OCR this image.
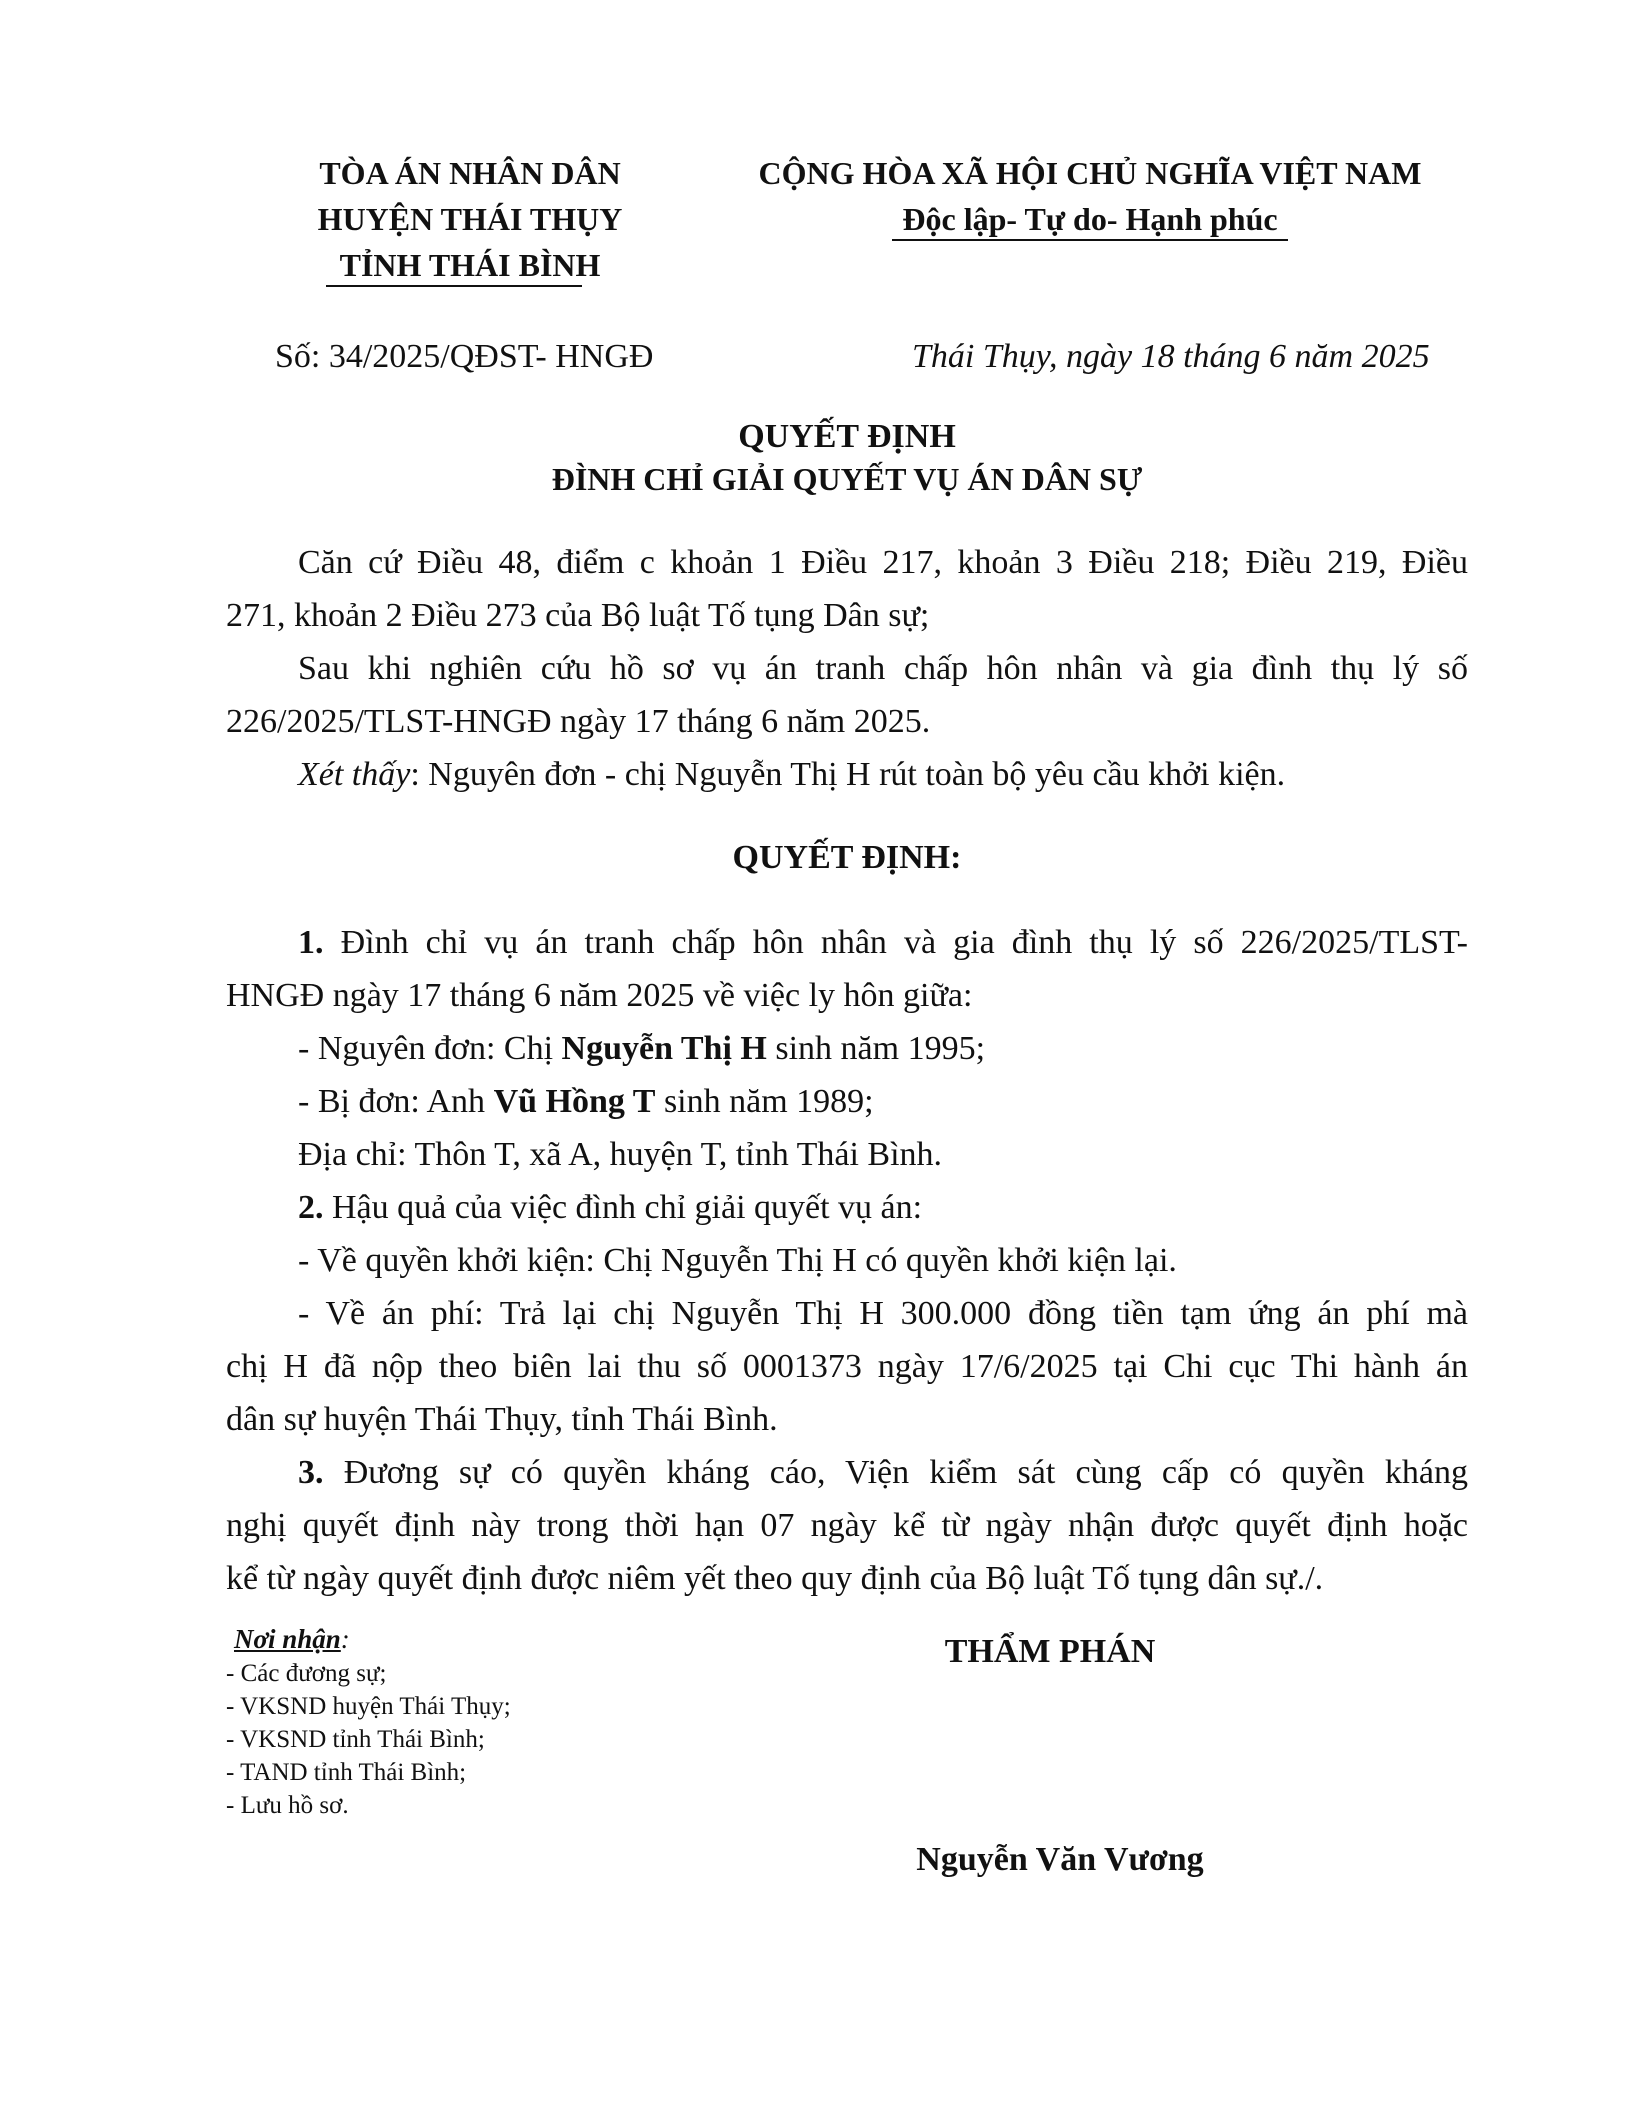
TÒA ÁN NHÂN DÂN
HUYỆN THÁI THỤY
TỈNH THÁI BÌNH
CỘNG HÒA XÃ HỘI CHỦ NGHĨA VIỆT NAM
Độc lập- Tự do- Hạnh phúc
Số: 34/2025/QĐST- HNGĐ	Thái Thụy, ngày 18 tháng 6 năm 2025
QUYẾT ĐỊNH
ĐÌNH CHỈ GIẢI QUYẾT VỤ ÁN DÂN SỰ
Căn cứ Điều 48, điểm c khoản 1 Điều 217, khoản 3 Điều 218; Điều 219, Điều
271, khoản 2 Điều 273 của Bộ luật Tố tụng Dân sự;
Sau khi nghiên cứu hồ sơ vụ án tranh chấp hôn nhân và gia đình thụ lý số
226/2025/TLST-HNGĐ ngày 17 tháng 6 năm 2025.
Xét thấy: Nguyên đơn - chị Nguyễn Thị H rút toàn bộ yêu cầu khởi kiện.
QUYẾT ĐỊNH:
1. Đình chỉ vụ án tranh chấp hôn nhân và gia đình thụ lý số 226/2025/TLST-
HNGĐ ngày 17 tháng 6 năm 2025 về việc ly hôn giữa:
- Nguyên đơn: Chị Nguyễn Thị H sinh năm 1995;
- Bị đơn: Anh Vũ Hồng T sinh năm 1989;
Địa chỉ: Thôn T, xã A, huyện T, tỉnh Thái Bình.
2. Hậu quả của việc đình chỉ giải quyết vụ án:
- Về quyền khởi kiện: Chị Nguyễn Thị H có quyền khởi kiện lại.
- Về án phí: Trả lại chị Nguyễn Thị H 300.000 đồng tiền tạm ứng án phí mà
chị H đã nộp theo biên lai thu số 0001373 ngày 17/6/2025 tại Chi cục Thi hành án
dân sự huyện Thái Thụy, tỉnh Thái Bình.
3. Đương sự có quyền kháng cáo, Viện kiểm sát cùng cấp có quyền kháng
nghị quyết định này trong thời hạn 07 ngày kể từ ngày nhận được quyết định hoặc
kể từ ngày quyết định được niêm yết theo quy định của Bộ luật Tố tụng dân sự./.
Nơi nhận:
- Các đương sự;
- VKSND huyện Thái Thụy;
- VKSND tỉnh Thái Bình;
- TAND tỉnh Thái Bình;
- Lưu hồ sơ.
THẨM PHÁN
Nguyễn Văn Vương
